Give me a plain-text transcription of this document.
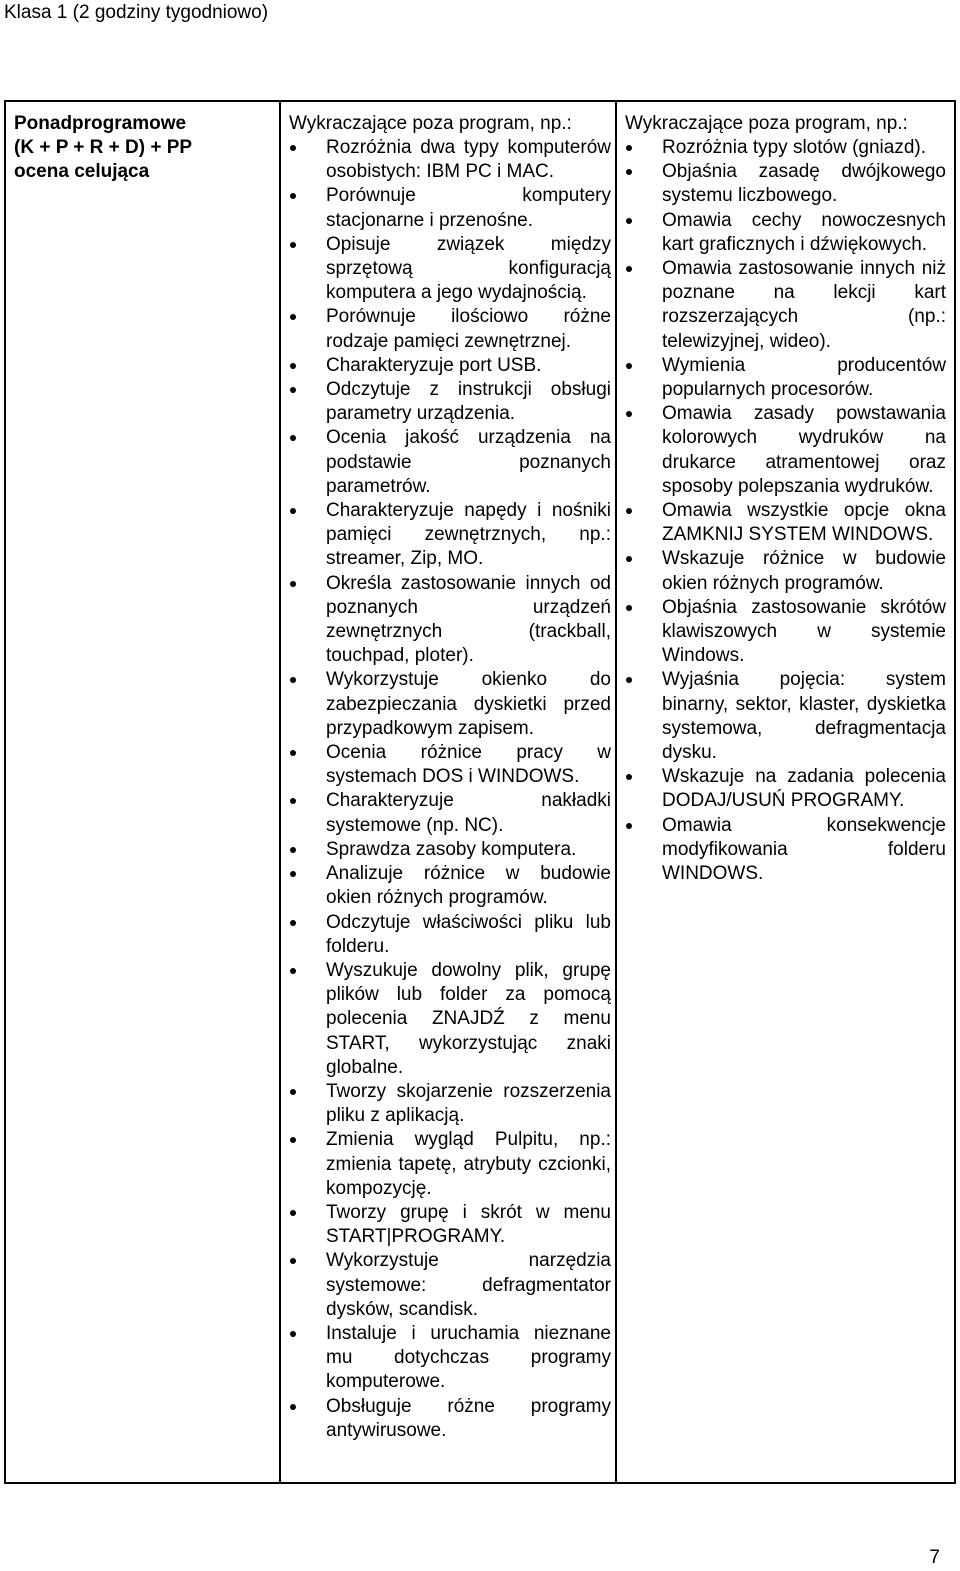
Klasa 1 (2 godziny tygodniowo)
Ponadprogramowe
(K + P + R + D) + PP
ocena celująca
Wykraczające poza program, np.:
Rozróżnia dwa typy komputerów osobistych: IBM PC i MAC.
Porównuje komputery stacjonarne i przenośne.
Opisuje związek między sprzętową konfiguracją komputera a jego wydajnością.
Porównuje ilościowo różne rodzaje pamięci zewnętrznej.
Charakteryzuje port USB.
Odczytuje z instrukcji obsługi parametry urządzenia.
Ocenia jakość urządzenia na podstawie poznanych parametrów.
Charakteryzuje napędy i nośniki pamięci zewnętrznych, np.: streamer, Zip, MO.
Określa zastosowanie innych od poznanych urządzeń zewnętrznych (trackball, touchpad, ploter).
Wykorzystuje okienko do zabezpieczania dyskietki przed przypadkowym zapisem.
Ocenia różnice pracy w systemach DOS i WINDOWS.
Charakteryzuje nakładki systemowe (np. NC).
Sprawdza zasoby komputera.
Analizuje różnice w budowie okien różnych programów.
Odczytuje właściwości pliku lub folderu.
Wyszukuje dowolny plik, grupę plików lub folder za pomocą polecenia ZNAJDŹ z menu START, wykorzystując znaki globalne.
Tworzy skojarzenie rozszerzenia pliku z aplikacją.
Zmienia wygląd Pulpitu, np.: zmienia tapetę, atrybuty czcionki, kompozycję.
Tworzy grupę i skrót w menu START|PROGRAMY.
Wykorzystuje narzędzia systemowe: defragmentator dysków, scandisk.
Instaluje i uruchamia nieznane mu dotychczas programy komputerowe.
Obsługuje różne programy antywirusowe.
Wykraczające poza program, np.:
Rozróżnia typy slotów (gniazd).
Objaśnia zasadę dwójkowego systemu liczbowego.
Omawia cechy nowoczesnych kart graficznych i dźwiękowych.
Omawia zastosowanie innych niż poznane na lekcji kart rozszerzających (np.: telewizyjnej, wideo).
Wymienia producentów popularnych procesorów.
Omawia zasady powstawania kolorowych wydruków na drukarce atramentowej oraz sposoby polepszania wydruków.
Omawia wszystkie opcje okna ZAMKNIJ SYSTEM WINDOWS.
Wskazuje różnice w budowie okien różnych programów.
Objaśnia zastosowanie skrótów klawiszowych w systemie Windows.
Wyjaśnia pojęcia: system binarny, sektor, klaster, dyskietka systemowa, defragmentacja dysku.
Wskazuje na zadania polecenia DODAJ/USUŃ PROGRAMY.
Omawia konsekwencje modyfikowania folderu WINDOWS.
7
